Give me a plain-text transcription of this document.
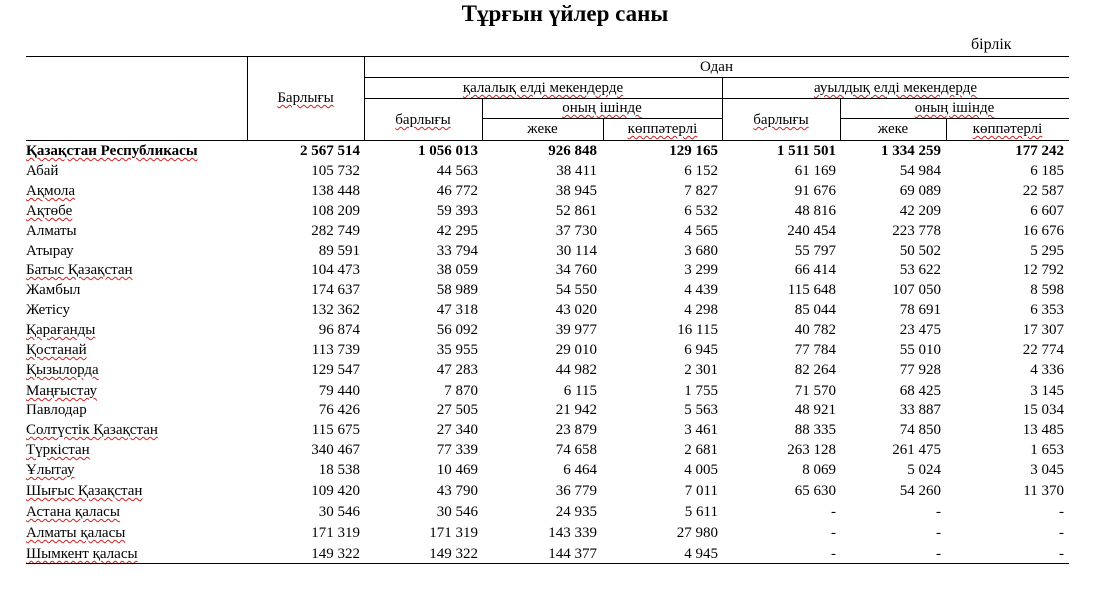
Тұрғын үйлер саны
бірлік
Барлығы
Одан
қалалық елді мекендерде	ауылдық елді мекендерде
барлығы
оның ішінде
жеке	көппәтерлі
барлығы
оның ішінде
жеке	көппәтерлі
Қазақстан Республикасы	2 567 514	1 056 013	926 848	129 165	1 511 501	1 334 259	177 242
Абай	105 732	44 563	38 411	6 152	61 169	54 984	6 185
Ақмола	138 448	46 772	38 945	7 827	91 676	69 089	22 587
Ақтөбе	108 209	59 393	52 861	6 532	48 816	42 209	6 607
Алматы	282 749	42 295	37 730	4 565	240 454	223 778	16 676
Атырау	89 591	33 794	30 114	3 680	55 797	50 502	5 295
Батыс Қазақстан	104 473	38 059	34 760	3 299	66 414	53 622	12 792
Жамбыл	174 637	58 989	54 550	4 439	115 648	107 050	8 598
Жетісу	132 362	47 318	43 020	4 298	85 044	78 691	6 353
Қарағанды	96 874	56 092	39 977	16 115	40 782	23 475	17 307
Қостанай	113 739	35 955	29 010	6 945	77 784	55 010	22 774
Қызылорда	129 547	47 283	44 982	2 301	82 264	77 928	4 336
Маңғыстау	79 440	7 870	6 115	1 755	71 570	68 425	3 145
Павлодар	76 426	27 505	21 942	5 563	48 921	33 887	15 034
Солтүстік Қазақстан	115 675	27 340	23 879	3 461	88 335	74 850	13 485
Түркістан	340 467	77 339	74 658	2 681	263 128	261 475	1 653
Ұлытау	18 538	10 469	6 464	4 005	8 069	5 024	3 045
Шығыс Қазақстан	109 420	43 790	36 779	7 011	65 630	54 260	11 370
Астана қаласы	30 546	30 546	24 935	5 611	-	-	-
Алматы қаласы	171 319	171 319	143 339	27 980	-	-	-
Шымкент қаласы	149 322	149 322	144 377	4 945	-	-	-
